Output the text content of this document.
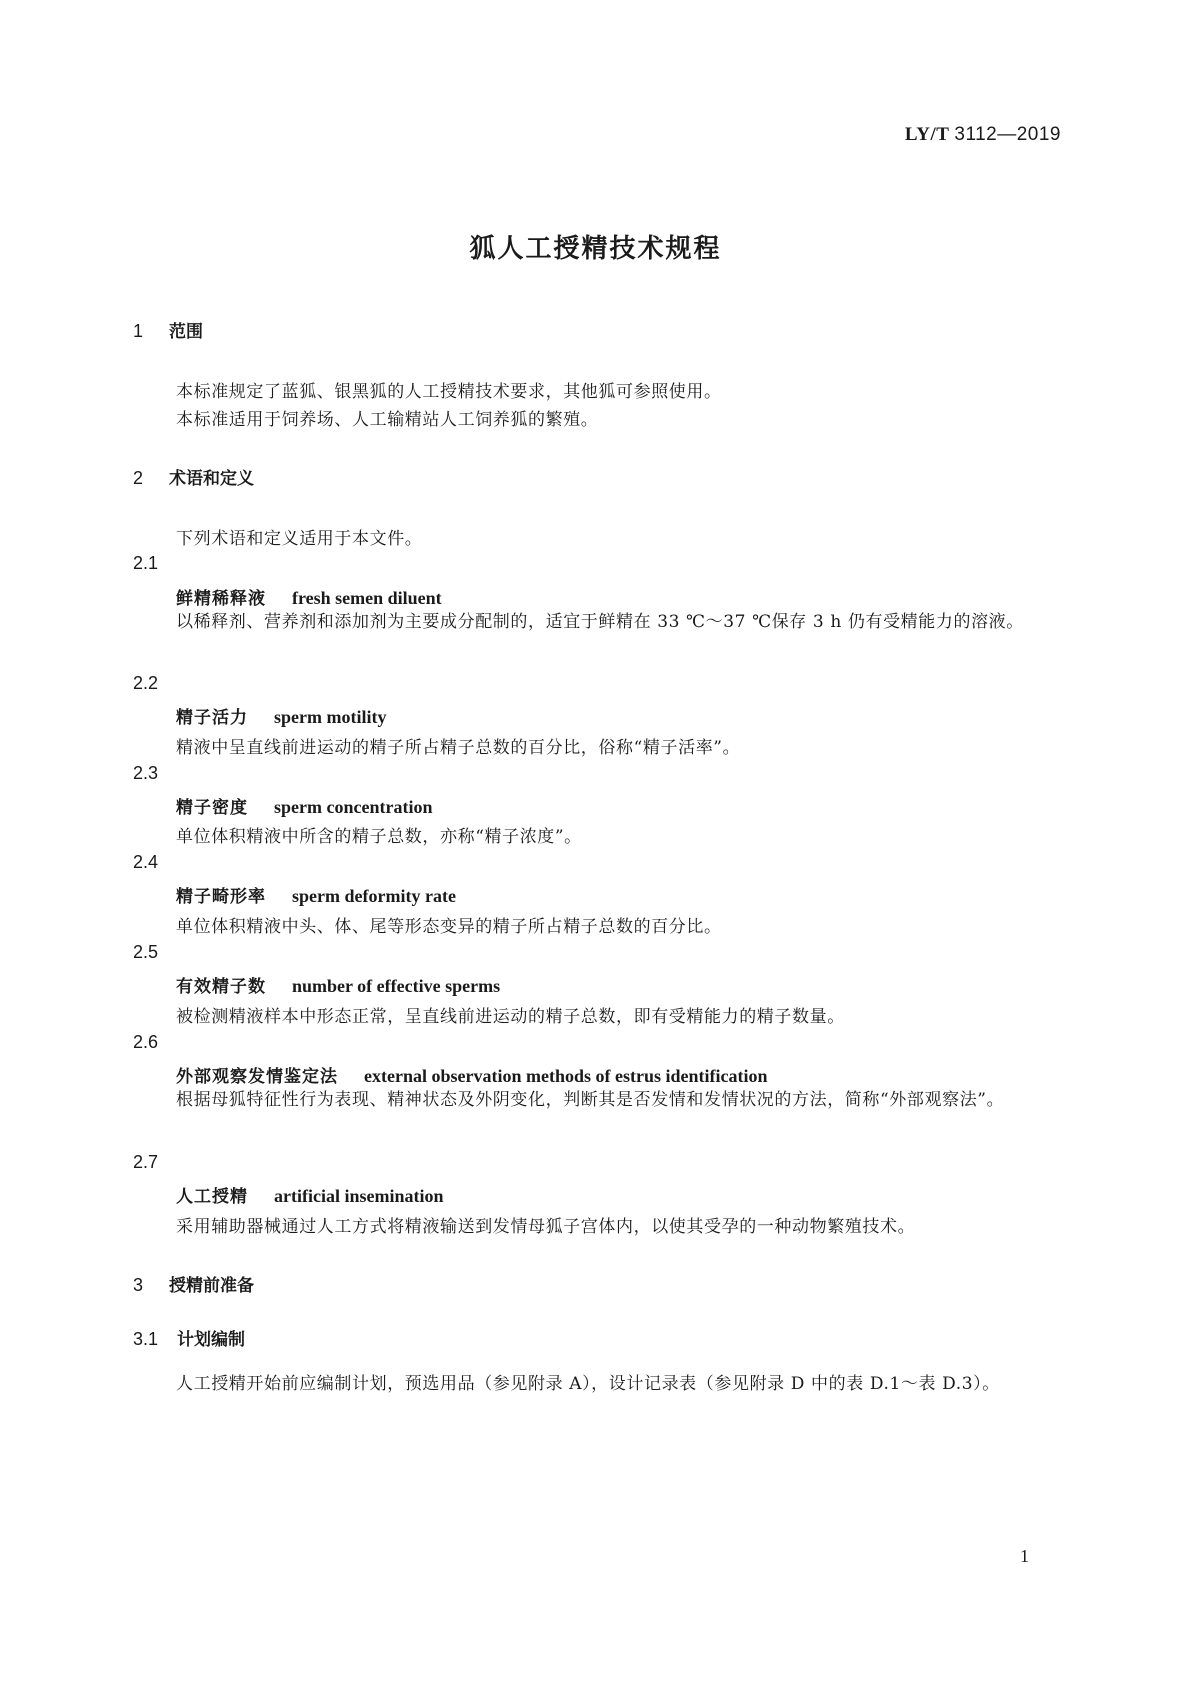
LY/T 3112—2019
狐人工授精技术规程
1 范围
本标准规定了蓝狐、银黑狐的人工授精技术要求，其他狐可参照使用。
本标准适用于饲养场、人工输精站人工饲养狐的繁殖。
2 术语和定义
下列术语和定义适用于本文件。
2.1
鲜精稀释液 fresh semen diluent
以稀释剂、营养剂和添加剂为主要成分配制的，适宜于鲜精在 33 ℃～37 ℃保存 3 h 仍有受精能力的溶液。
2.2
精子活力 sperm motility
精液中呈直线前进运动的精子所占精子总数的百分比，俗称“精子活率”。
2.3
精子密度 sperm concentration
单位体积精液中所含的精子总数，亦称“精子浓度”。
2.4
精子畸形率 sperm deformity rate
单位体积精液中头、体、尾等形态变异的精子所占精子总数的百分比。
2.5
有效精子数 number of effective sperms
被检测精液样本中形态正常，呈直线前进运动的精子总数，即有受精能力的精子数量。
2.6
外部观察发情鉴定法 external observation methods of estrus identification
根据母狐特征性行为表现、精神状态及外阴变化，判断其是否发情和发情状况的方法，简称“外部观察法”。
2.7
人工授精 artificial insemination
采用辅助器械通过人工方式将精液输送到发情母狐子宫体内，以使其受孕的一种动物繁殖技术。
3 授精前准备
3.1 计划编制
人工授精开始前应编制计划，预选用品（参见附录 A），设计记录表（参见附录 D 中的表 D.1～表 D.3）。
1
